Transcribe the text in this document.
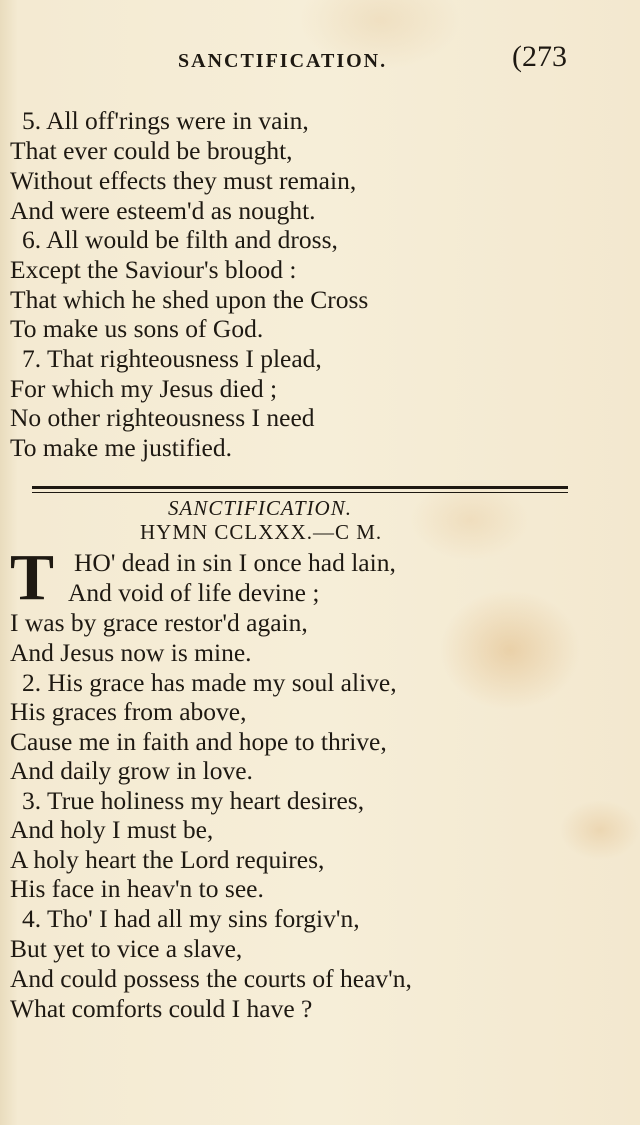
SANCTIFICATION.	(273
5. All off'rings were in vain,
That ever could be brought,
Without effects they must remain,
And were esteem'd as nought.
6. All would be filth and dross,
Except the Saviour's blood :
That which he shed upon the Cross
To make us sons of God.
7. That righteousness I plead,
For which my Jesus died ;
No other righteousness I need
To make me justified.
SANCTIFICATION.
HYMN CCLXXX.—C M.
T HO' dead in sin I once had lain,
And void of life devine ;
I was by grace restor'd again,
And Jesus now is mine.
2. His grace has made my soul alive,
His graces from above,
Cause me in faith and hope to thrive,
And daily grow in love.
3. True holiness my heart desires,
And holy I must be,
A holy heart the Lord requires,
His face in heav'n to see.
4. Tho' I had all my sins forgiv'n,
But yet to vice a slave,
And could possess the courts of heav'n,
What comforts could I have ?
